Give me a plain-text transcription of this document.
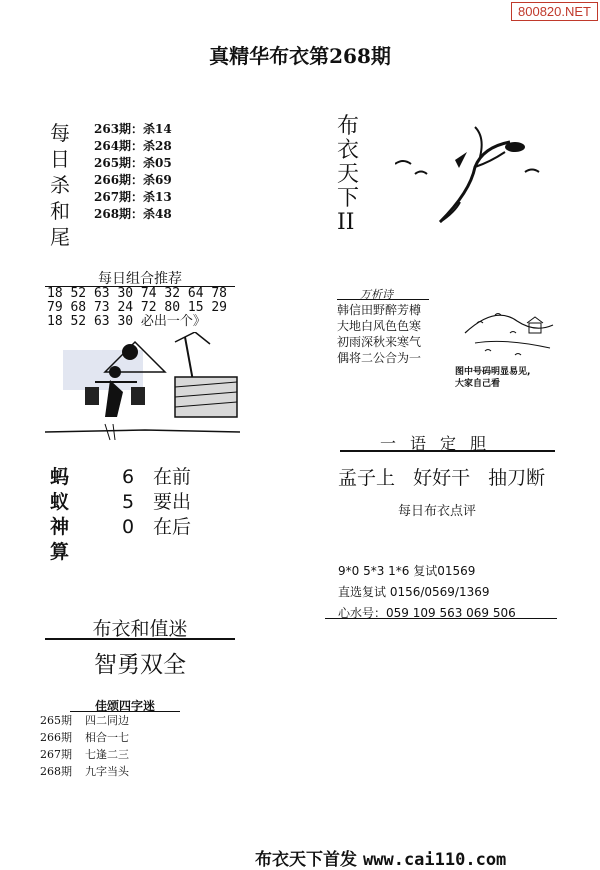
800820.NET
真精华布衣第268期
每
日
杀
和
尾
263期：杀14
264期：杀28
265期：杀05
266期：杀69
267期：杀13
268期：杀48
每日组合推荐
18 52 63 30 74 32 64 78
79 68 73 24 72 80 15 29
18 52 63 30 必出一个》
蚂
蚁
神
算
6
5
0
在前
要出
在后
布衣和值迷
智勇双全
佳颂四字迷
265期 四二同边
266期 相合一七
267期 七逢二三
268期 九字当头
布
衣
天
下
II
万析诗
韩信田野醉芳樽
大地白风色色寒
初雨深秋来寒气
偶将二公合为一
图中号码明显易见,
大家自己看
一语定胆
孟子上 好好干 抽刀断
每日布衣点评
9*0 5*3 1*6 复试01569
直选复试 0156/0569/1369
心水号：059 109 563 069 506
布衣天下首发 www.cai110.com
